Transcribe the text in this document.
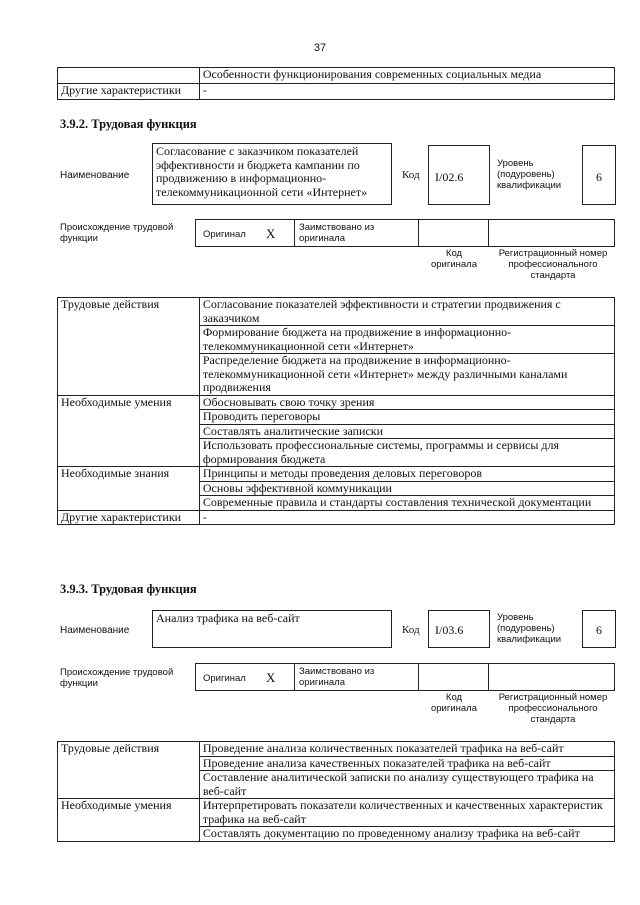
37
	Особенности функционирования современных социальных медиа
Другие характеристики	-
3.9.2. Трудовая функция
Наименование
Согласование с заказчиком показателей эффективности и бюджета кампании по продвижению в информационно-телекоммуникационной сети «Интернет»
Код I/02.6
Уровень (подуровень) квалификации
6
Происхождение трудовой функции	Оригинал X Заимствовано из оригинала
Код оригинала
Регистрационный номер профессионального стандарта
Трудовые действия	Согласование показателей эффективности и стратегии продвижения с заказчиком
	Формирование бюджета на продвижение в информационно-телекоммуникационной сети «Интернет»
	Распределение бюджета на продвижение в информационно-телекоммуникационной сети «Интернет» между различными каналами продвижения
Необходимые умения	Обосновывать свою точку зрения
	Проводить переговоры
	Составлять аналитические записки
	Использовать профессиональные системы, программы и сервисы для формирования бюджета
Необходимые знания	Принципы и методы проведения деловых переговоров
	Основы эффективной коммуникации
	Современные правила и стандарты составления технической документации
Другие характеристики	-
3.9.3. Трудовая функция
Наименование
Анализ трафика на веб-сайт
Код I/03.6
Уровень (подуровень) квалификации
6
Происхождение трудовой функции	Оригинал X Заимствовано из оригинала
Код оригинала
Регистрационный номер профессионального стандарта
Трудовые действия	Проведение анализа количественных показателей трафика на веб-сайт
	Проведение анализа качественных показателей трафика на веб-сайт
	Составление аналитической записки по анализу существующего трафика на веб-сайт
Необходимые умения	Интерпретировать показатели количественных и качественных характеристик трафика на веб-сайт
	Составлять документацию по проведенному анализу трафика на веб-сайт
